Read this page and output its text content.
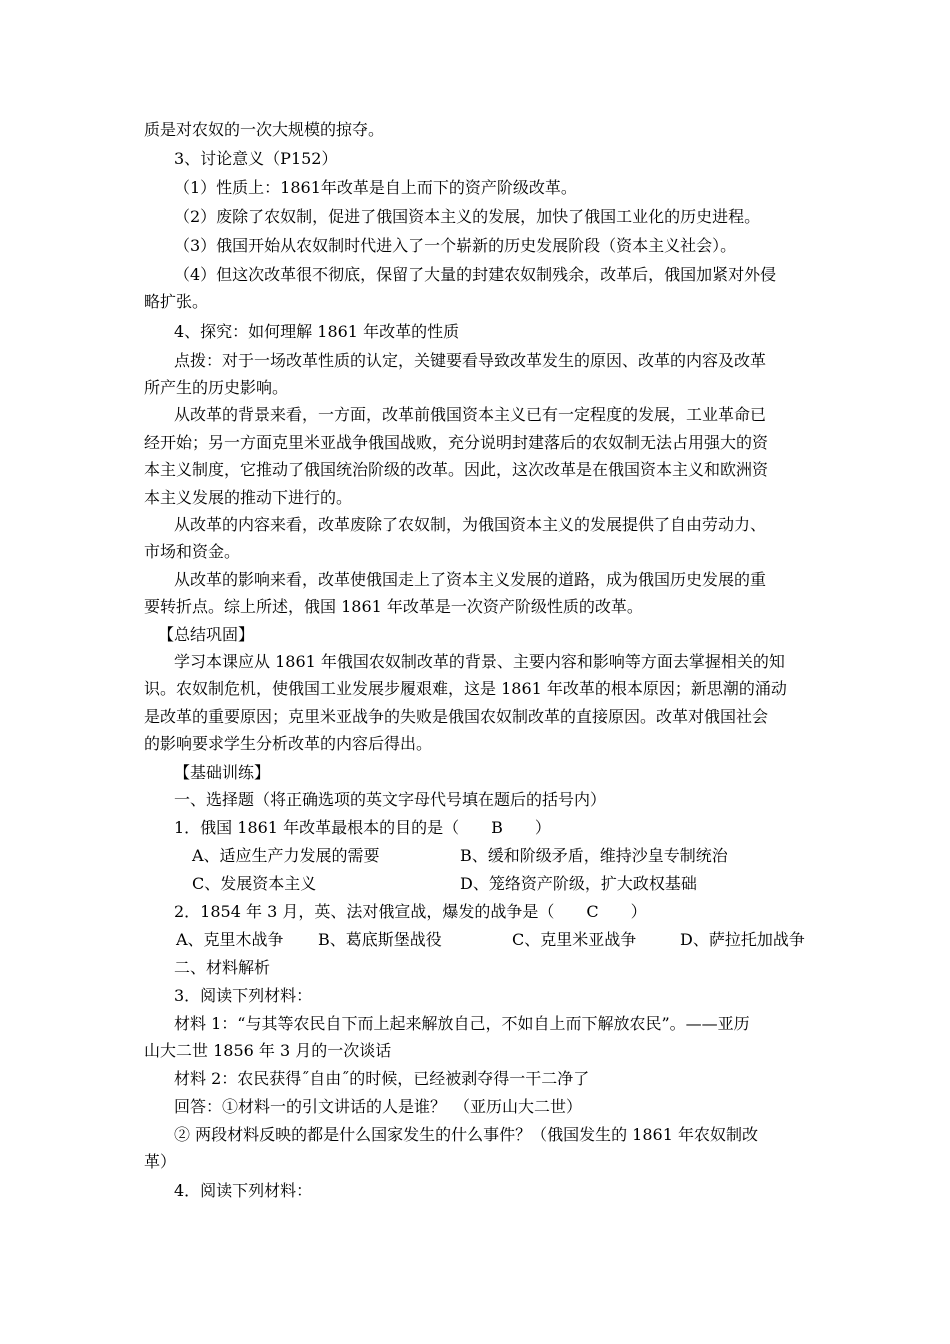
质是对农奴的一次大规模的掠夺。
3、讨论意义（P152）
（1）性质上：1861年改革是自上而下的资产阶级改革。
（2）废除了农奴制，促进了俄国资本主义的发展，加快了俄国工业化的历史进程。
（3）俄国开始从农奴制时代进入了一个崭新的历史发展阶段（资本主义社会）。
（4）但这次改革很不彻底，保留了大量的封建农奴制残余，改革后，俄国加紧对外侵
略扩张。
4、探究：如何理解 1861 年改革的性质
点拨：对于一场改革性质的认定，关键要看导致改革发生的原因、改革的内容及改革
所产生的历史影响。
从改革的背景来看，一方面，改革前俄国资本主义已有一定程度的发展，工业革命已
经开始；另一方面克里米亚战争俄国战败，充分说明封建落后的农奴制无法占用强大的资
本主义制度，它推动了俄国统治阶级的改革。因此，这次改革是在俄国资本主义和欧洲资
本主义发展的推动下进行的。
从改革的内容来看，改革废除了农奴制，为俄国资本主义的发展提供了自由劳动力、
市场和资金。
从改革的影响来看，改革使俄国走上了资本主义发展的道路，成为俄国历史发展的重
要转折点。综上所述，俄国 1861 年改革是一次资产阶级性质的改革。
【总结巩固】
学习本课应从 1861 年俄国农奴制改革的背景、主要内容和影响等方面去掌握相关的知
识。农奴制危机，使俄国工业发展步履艰难，这是 1861 年改革的根本原因；新思潮的涌动
是改革的重要原因；克里米亚战争的失败是俄国农奴制改革的直接原因。改革对俄国社会
的影响要求学生分析改革的内容后得出。
【基础训练】
一、选择题（将正确选项的英文字母代号填在题后的括号内）
1．俄国 1861 年改革最根本的目的是（　　B　　）
A、适应生产力发展的需要	B、缓和阶级矛盾，维持沙皇专制统治
C、发展资本主义	D、笼络资产阶级，扩大政权基础
2．1854 年 3 月，英、法对俄宣战，爆发的战争是（　　C　　）
A、克里木战争 B、葛底斯堡战役	C、克里米亚战争	D、萨拉托加战争
二、材料解析
3．阅读下列材料：
材料 1：“与其等农民自下而上起来解放自己，不如自上而下解放农民”。——亚历
山大二世 1856 年 3 月的一次谈话
材料 2：农民获得˝自由˝的时候，已经被剥夺得一干二净了
回答：①材料一的引文讲话的人是谁？　（亚历山大二世）
② 两段材料反映的都是什么国家发生的什么事件？（俄国发生的 1861 年农奴制改
革）
4．阅读下列材料：
